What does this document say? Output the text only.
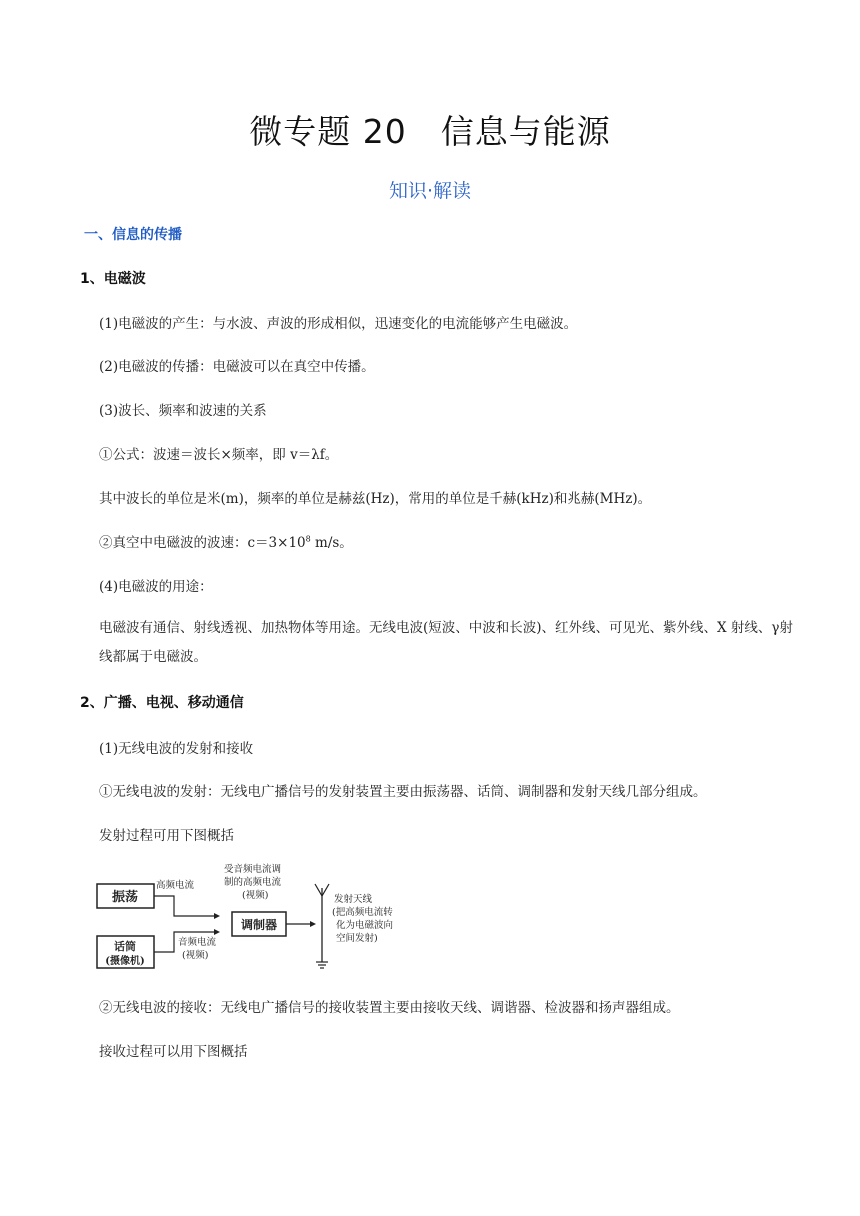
微专题 20　信息与能源
知识·解读
一、信息的传播
1、电磁波
(1)电磁波的产生：与水波、声波的形成相似，迅速变化的电流能够产生电磁波。
(2)电磁波的传播：电磁波可以在真空中传播。
(3)波长、频率和波速的关系
①公式：波速＝波长×频率，即 v＝λf。
其中波长的单位是米(m)，频率的单位是赫兹(Hz)，常用的单位是千赫(kHz)和兆赫(MHz)。
②真空中电磁波的波速：$c=3\times 10^8$ m/s。
(4)电磁波的用途：
电磁波有通信、射线透视、加热物体等用途。无线电波(短波、中波和长波)、红外线、可见光、紫外线、X 射线、γ射线都属于电磁波。
2、广播、电视、移动通信
(1)无线电波的发射和接收
①无线电波的发射：无线电广播信号的发射装置主要由振荡器、话筒、调制器和发射天线几部分组成。
发射过程可用下图概括
振荡
话筒
(摄像机)
高频电流
音频电流
(视频)
受音频电流调
制的高频电流
(视频)
调制器
发射天线
(把高频电流转
化为电磁波向
空间发射)
②无线电波的接收：无线电广播信号的接收装置主要由接收天线、调谐器、检波器和扬声器组成。
接收过程可以用下图概括
